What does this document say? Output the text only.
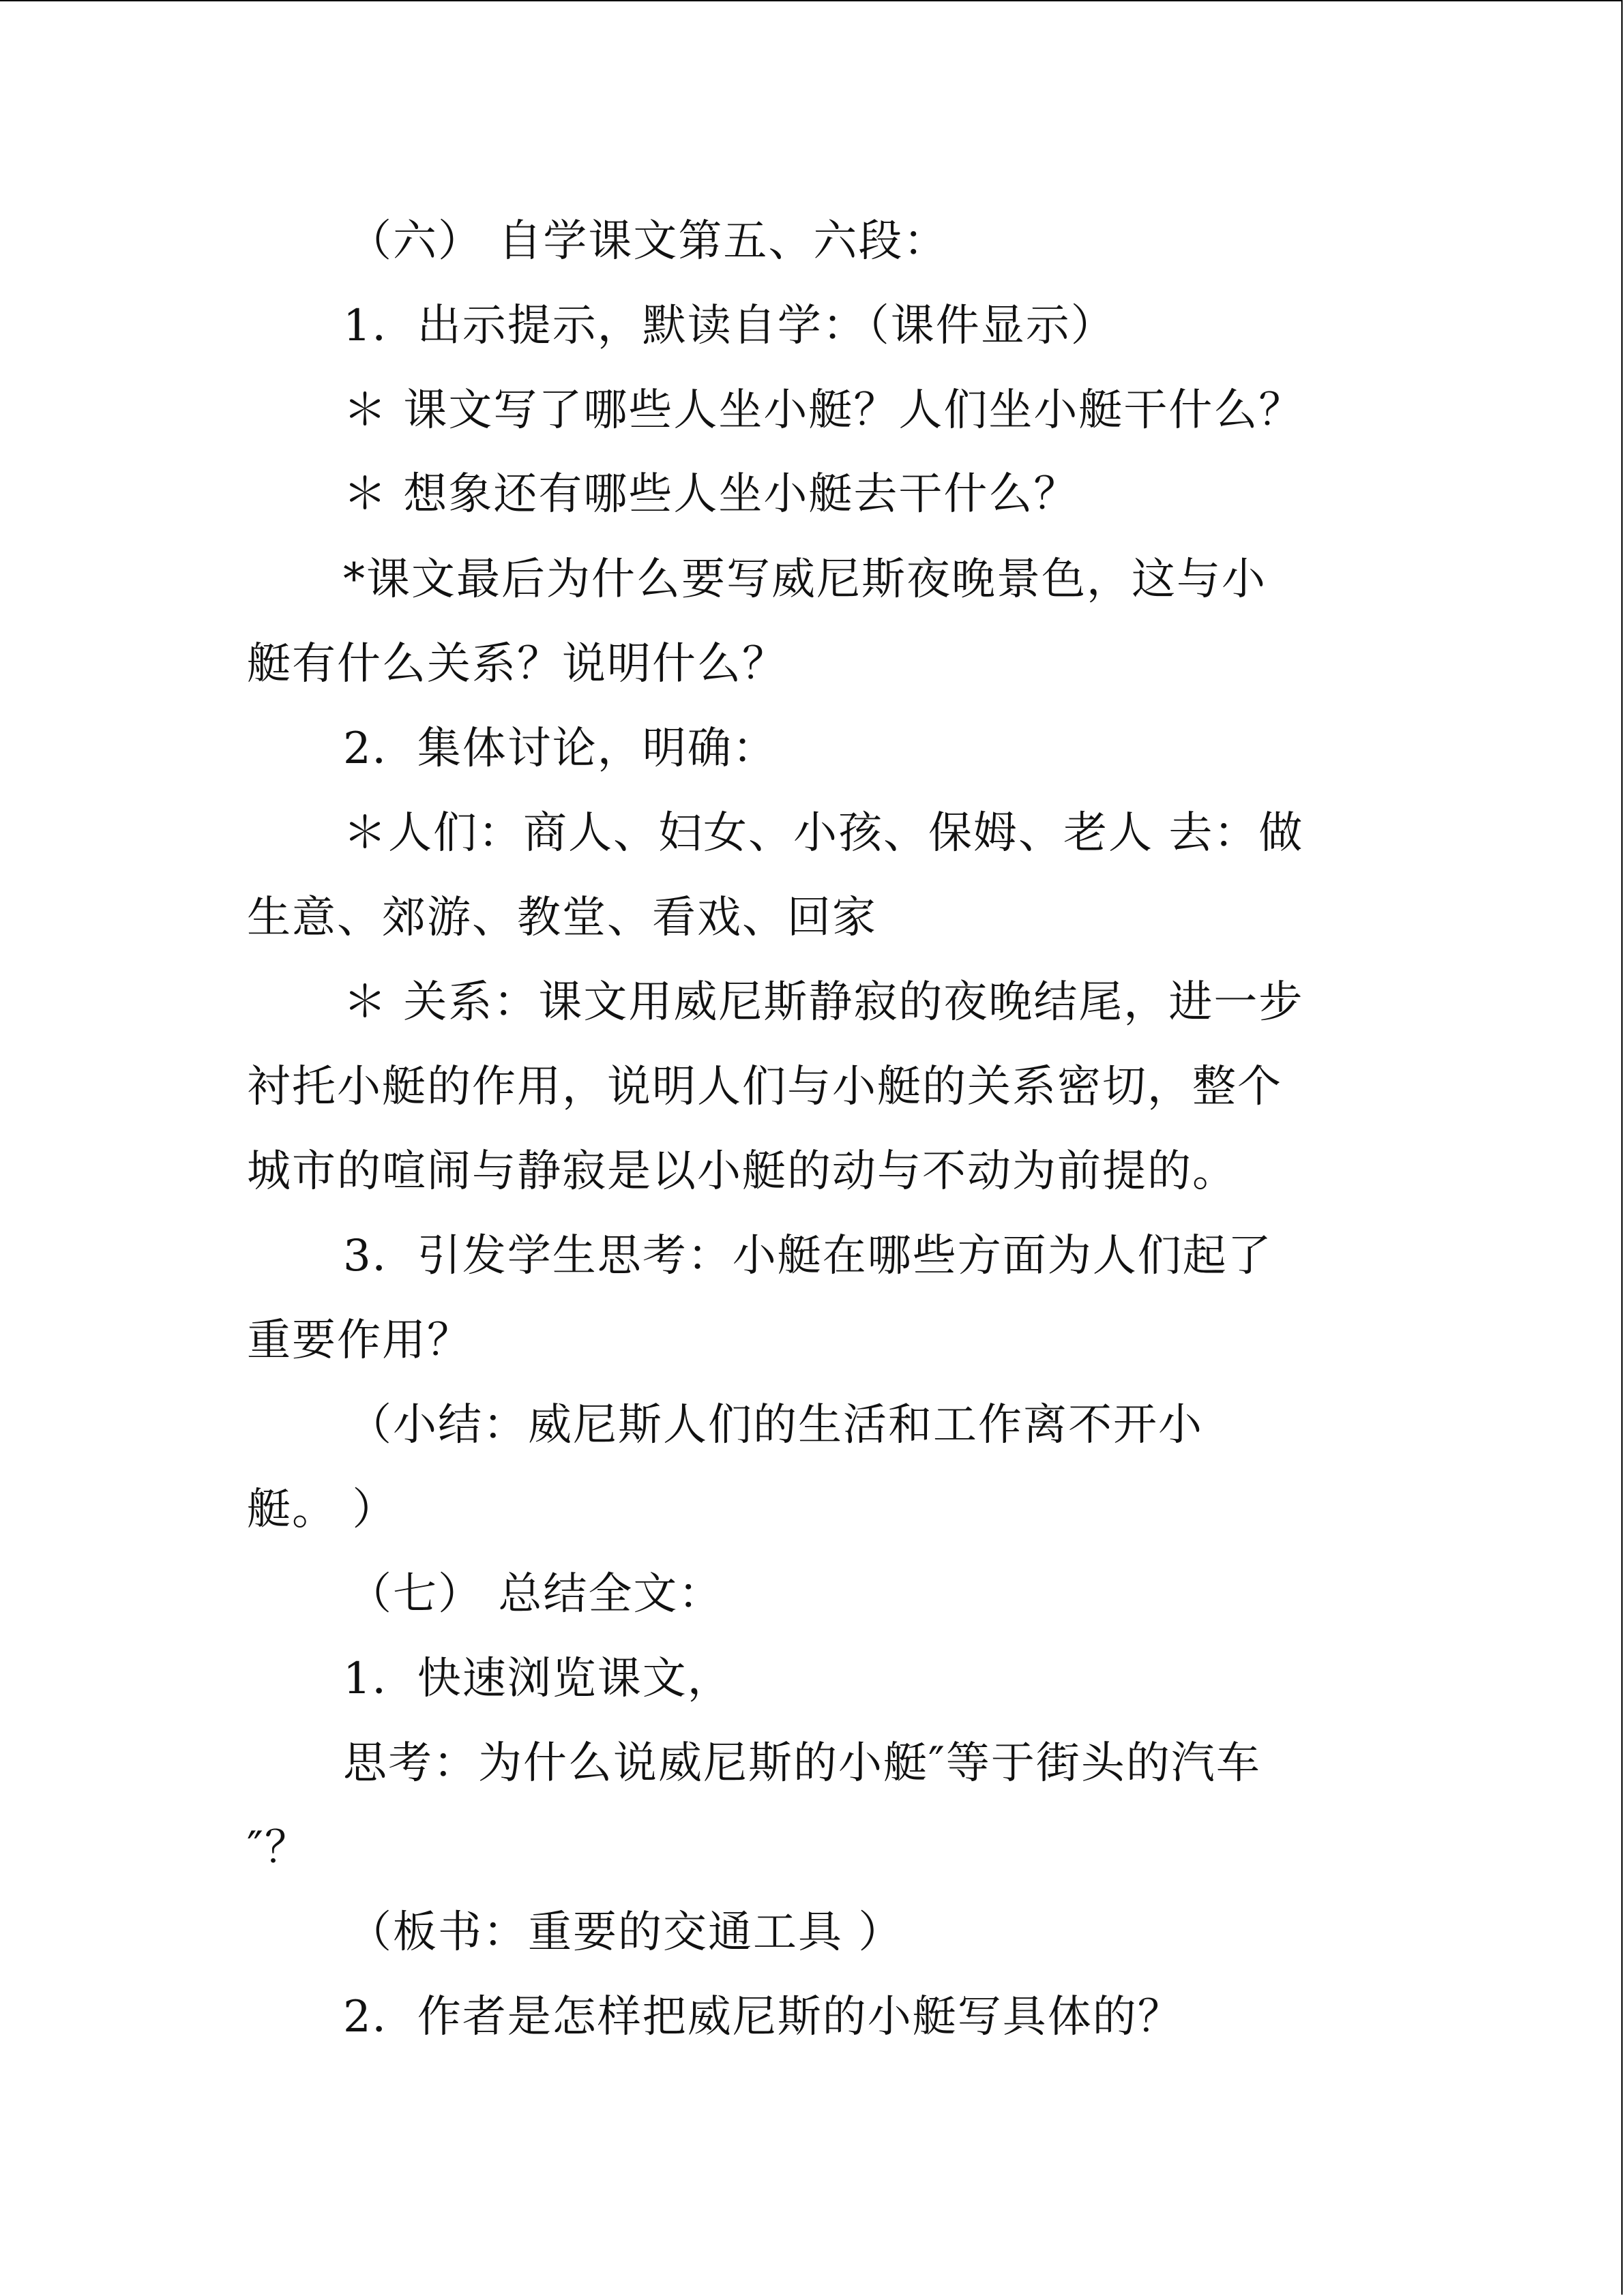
（六） 自学课文第五、六段：
1．出示提示，默读自学：（课件显示）
＊ 课文写了哪些人坐小艇？人们坐小艇干什么？
＊ 想象还有哪些人坐小艇去干什么？
*课文最后为什么要写威尼斯夜晚景色，这与小
艇有什么关系？说明什么？
2．集体讨论，明确：
＊人们：商人、妇女、小孩、保姆、老人 去：做
生意、郊游、教堂、看戏、回家
＊ 关系：课文用威尼斯静寂的夜晚结尾，进一步
衬托小艇的作用，说明人们与小艇的关系密切，整个
城市的喧闹与静寂是以小艇的动与不动为前提的。
3．引发学生思考：小艇在哪些方面为人们起了
重要作用？
（小结：威尼斯人们的生活和工作离不开小
艇。 ）
（七） 总结全文：
1．快速浏览课文，
思考：为什么说威尼斯的小艇″等于街头的汽车
″？
（板书：重要的交通工具 ）
2．作者是怎样把威尼斯的小艇写具体的？
